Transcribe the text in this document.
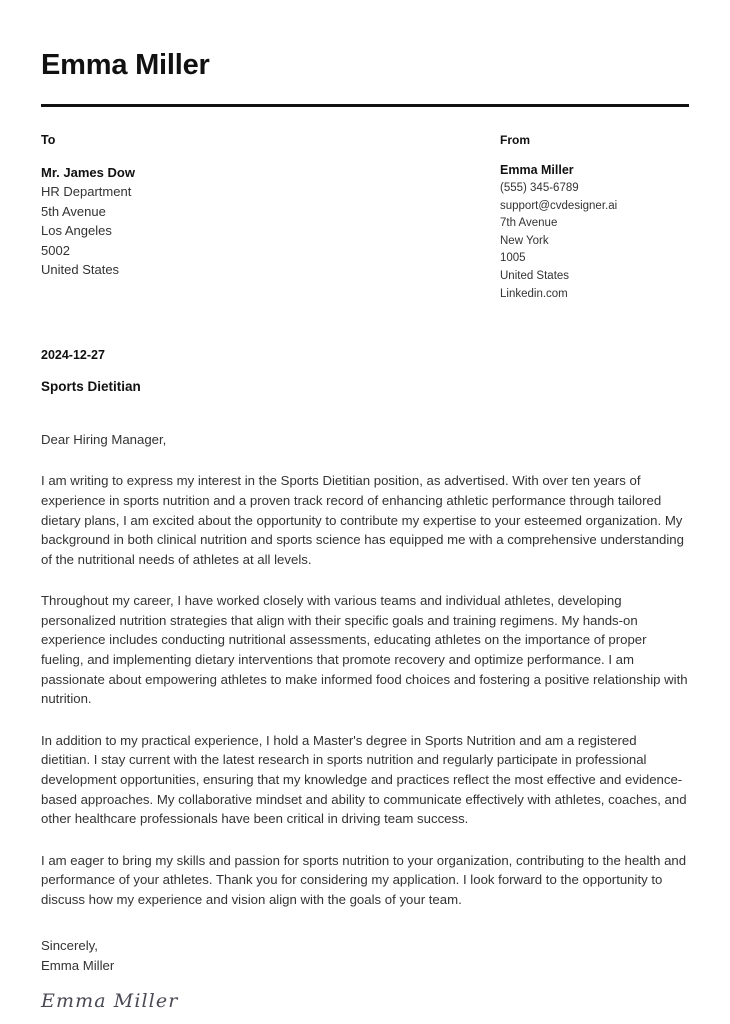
Emma Miller
To
Mr. James Dow
HR Department
5th Avenue
Los Angeles
5002
United States
From
Emma Miller
(555) 345-6789
support@cvdesigner.ai
7th Avenue
New York
1005
United States
Linkedin.com
2024-12-27
Sports Dietitian
Dear Hiring Manager,

I am writing to express my interest in the Sports Dietitian position, as advertised. With over ten years of experience in sports nutrition and a proven track record of enhancing athletic performance through tailored dietary plans, I am excited about the opportunity to contribute my expertise to your esteemed organization. My background in both clinical nutrition and sports science has equipped me with a comprehensive understanding of the nutritional needs of athletes at all levels.

Throughout my career, I have worked closely with various teams and individual athletes, developing personalized nutrition strategies that align with their specific goals and training regimens. My hands-on experience includes conducting nutritional assessments, educating athletes on the importance of proper fueling, and implementing dietary interventions that promote recovery and optimize performance. I am passionate about empowering athletes to make informed food choices and fostering a positive relationship with nutrition.

In addition to my practical experience, I hold a Master's degree in Sports Nutrition and am a registered dietitian. I stay current with the latest research in sports nutrition and regularly participate in professional development opportunities, ensuring that my knowledge and practices reflect the most effective and evidence-based approaches. My collaborative mindset and ability to communicate effectively with athletes, coaches, and other healthcare professionals have been critical in driving team success.

I am eager to bring my skills and passion for sports nutrition to your organization, contributing to the health and performance of your athletes. Thank you for considering my application. I look forward to the opportunity to discuss how my experience and vision align with the goals of your team.

Sincerely,
Emma Miller
Emma Miller
